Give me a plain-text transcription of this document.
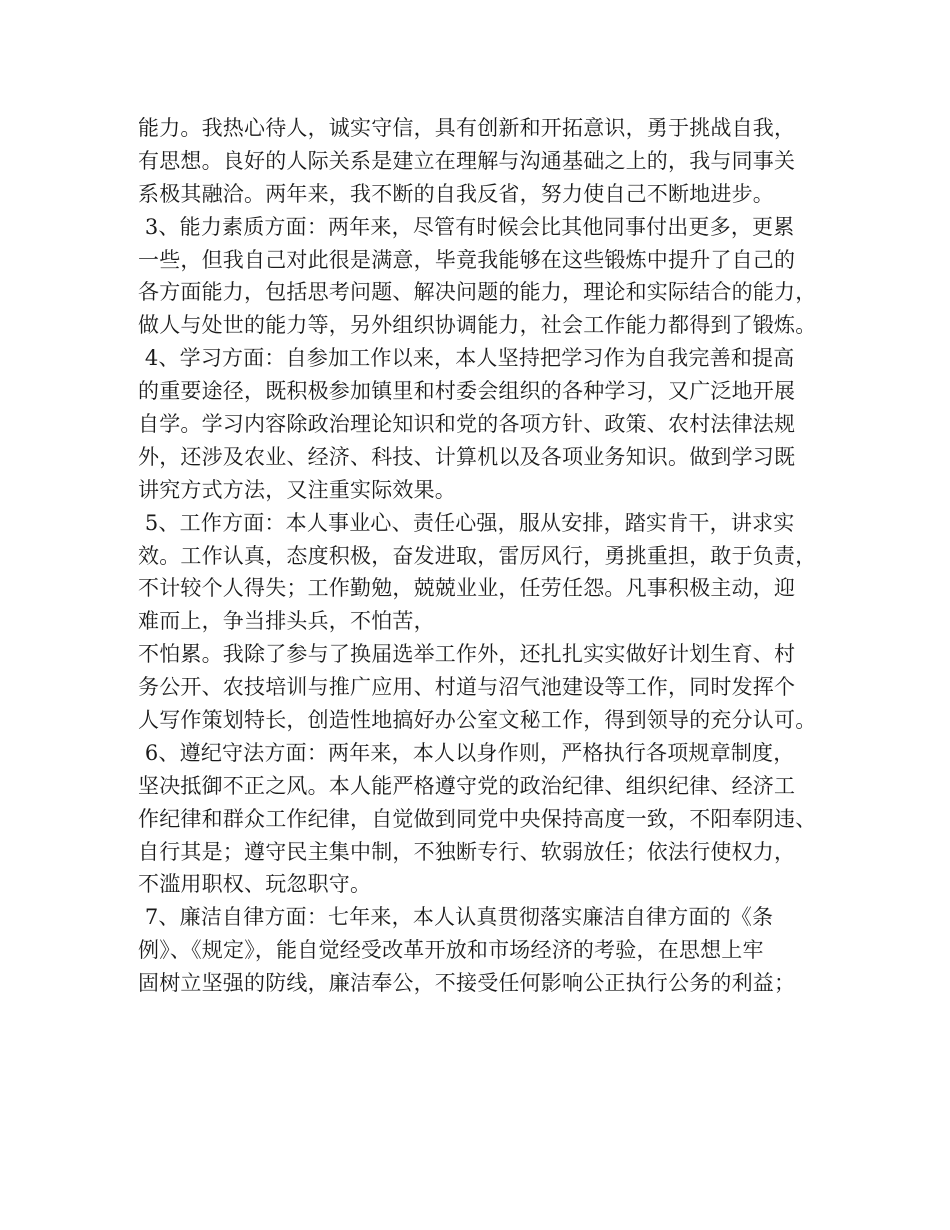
能力。我热心待人，诚实守信，具有创新和开拓意识，勇于挑战自我，
有思想。良好的人际关系是建立在理解与沟通基础之上的，我与同事关
系极其融洽。两年来，我不断的自我反省，努力使自己不断地进步。
3、能力素质方面：两年来，尽管有时候会比其他同事付出更多，更累
一些，但我自己对此很是满意，毕竟我能够在这些锻炼中提升了自己的
各方面能力，包括思考问题、解决问题的能力，理论和实际结合的能力，
做人与处世的能力等，另外组织协调能力，社会工作能力都得到了锻炼。
4、学习方面：自参加工作以来，本人坚持把学习作为自我完善和提高
的重要途径，既积极参加镇里和村委会组织的各种学习，又广泛地开展
自学。学习内容除政治理论知识和党的各项方针、政策、农村法律法规
外，还涉及农业、经济、科技、计算机以及各项业务知识。做到学习既
讲究方式方法，又注重实际效果。
5、工作方面：本人事业心、责任心强，服从安排，踏实肯干，讲求实
效。工作认真，态度积极，奋发进取，雷厉风行，勇挑重担，敢于负责，
不计较个人得失；工作勤勉，兢兢业业，任劳任怨。凡事积极主动，迎
难而上，争当排头兵，不怕苦，
不怕累。我除了参与了换届选举工作外，还扎扎实实做好计划生育、村
务公开、农技培训与推广应用、村道与沼气池建设等工作，同时发挥个
人写作策划特长，创造性地搞好办公室文秘工作，得到领导的充分认可。
6、遵纪守法方面：两年来，本人以身作则，严格执行各项规章制度，
坚决抵御不正之风。本人能严格遵守党的政治纪律、组织纪律、经济工
作纪律和群众工作纪律，自觉做到同党中央保持高度一致，不阳奉阴违、
自行其是；遵守民主集中制，不独断专行、软弱放任；依法行使权力，
不滥用职权、玩忽职守。
7、廉洁自律方面：七年来，本人认真贯彻落实廉洁自律方面的《条
例》、《规定》，能自觉经受改革开放和市场经济的考验，在思想上牢
固树立坚强的防线，廉洁奉公，不接受任何影响公正执行公务的利益；
